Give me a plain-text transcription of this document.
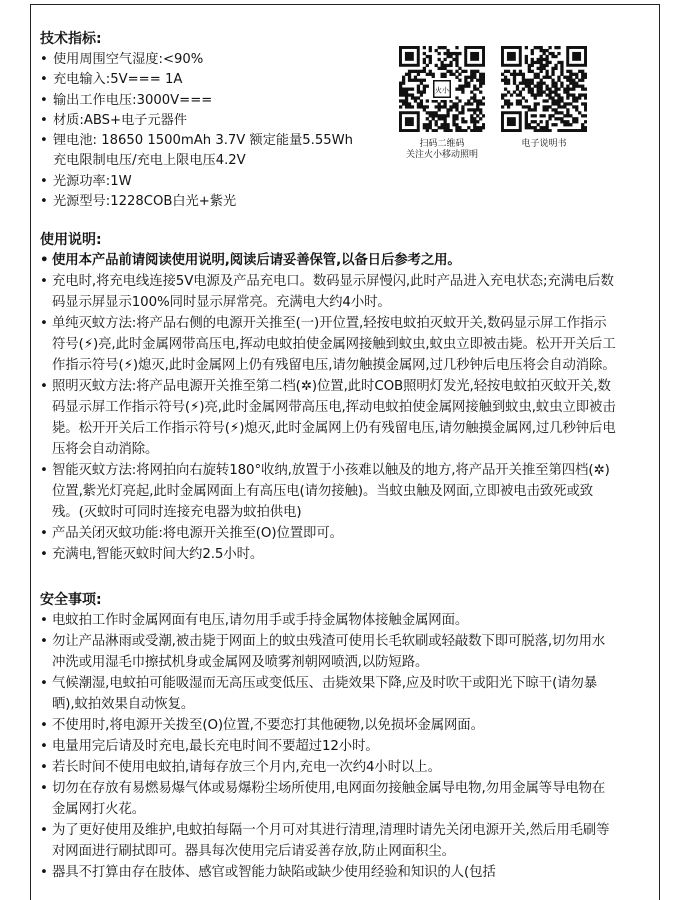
技术指标:
• 使用周围空气湿度:<90%
• 充电输入:5V=== 1A
• 输出工作电压:3000V===
• 材质:ABS+电子元器件
• 锂电池: 18650 1500mAh 3.7V 额定能量5.55Wh
充电限制电压/充电上限电压4.2V
• 光源功率:1W
• 光源型号:1228COB白光+紫光
火小
扫码二维码
关注火小移动照明
电子说明书
使用说明:
• 使用本产品前请阅读使用说明,阅读后请妥善保管,以备日后参考之用。
• 充电时,将充电线连接5V电源及产品充电口。数码显示屏慢闪,此时产品进入充电状态;充满电后数码显示屏显示100%同时显示屏常亮。充满电大约4小时。
• 单纯灭蚊方法:将产品右侧的电源开关推至(一)开位置,轻按电蚊拍灭蚊开关,数码显示屏工作指示符号(⚡)亮,此时金属网带高压电,挥动电蚊拍使金属网接触到蚊虫,蚊虫立即被击毙。松开开关后工作指示符号(⚡)熄灭,此时金属网上仍有残留电压,请勿触摸金属网,过几秒钟后电压将会自动消除。
• 照明灭蚊方法:将产品电源开关推至第二档(✲)位置,此时COB照明灯发光,轻按电蚊拍灭蚊开关,数码显示屏工作指示符号(⚡)亮,此时金属网带高压电,挥动电蚊拍使金属网接触到蚊虫,蚊虫立即被击毙。松开开关后工作指示符号(⚡)熄灭,此时金属网上仍有残留电压,请勿触摸金属网,过几秒钟后电压将会自动消除。
• 智能灭蚊方法:将网拍向右旋转180°收纳,放置于小孩难以触及的地方,将产品开关推至第四档(✲)位置,紫光灯亮起,此时金属网面上有高压电(请勿接触)。当蚊虫触及网面,立即被电击致死或致残。(灭蚊时可同时连接充电器为蚊拍供电)
• 产品关闭灭蚊功能:将电源开关推至(O)位置即可。
• 充满电,智能灭蚊时间大约2.5小时。
安全事项:
• 电蚊拍工作时金属网面有电压,请勿用手或手持金属物体接触金属网面。
• 勿让产品淋雨或受潮,被击毙于网面上的蚊虫残渣可使用长毛软刷或轻敲数下即可脱落,切勿用水冲洗或用湿毛巾擦拭机身或金属网及喷雾剂朝网喷洒,以防短路。
• 气候潮湿,电蚊拍可能吸湿而无高压或变低压、击毙效果下降,应及时吹干或阳光下晾干(请勿暴晒),蚊拍效果自动恢复。
• 不使用时,将电源开关拨至(O)位置,不要恋打其他硬物,以免损坏金属网面。
• 电量用完后请及时充电,最长充电时间不要超过12小时。
• 若长时间不使用电蚊拍,请每存放三个月内,充电一次约4小时以上。
• 切勿在存放有易燃易爆气体或易爆粉尘场所使用,电网面勿接触金属导电物,勿用金属等导电物在金属网打火花。
• 为了更好使用及维护,电蚊拍每隔一个月可对其进行清理,清理时请先关闭电源开关,然后用毛刷等对网面进行刷拭即可。器具每次使用完后请妥善存放,防止网面积尘。
• 器具不打算由存在肢体、感官或智能力缺陷或缺少使用经验和知识的人(包括
